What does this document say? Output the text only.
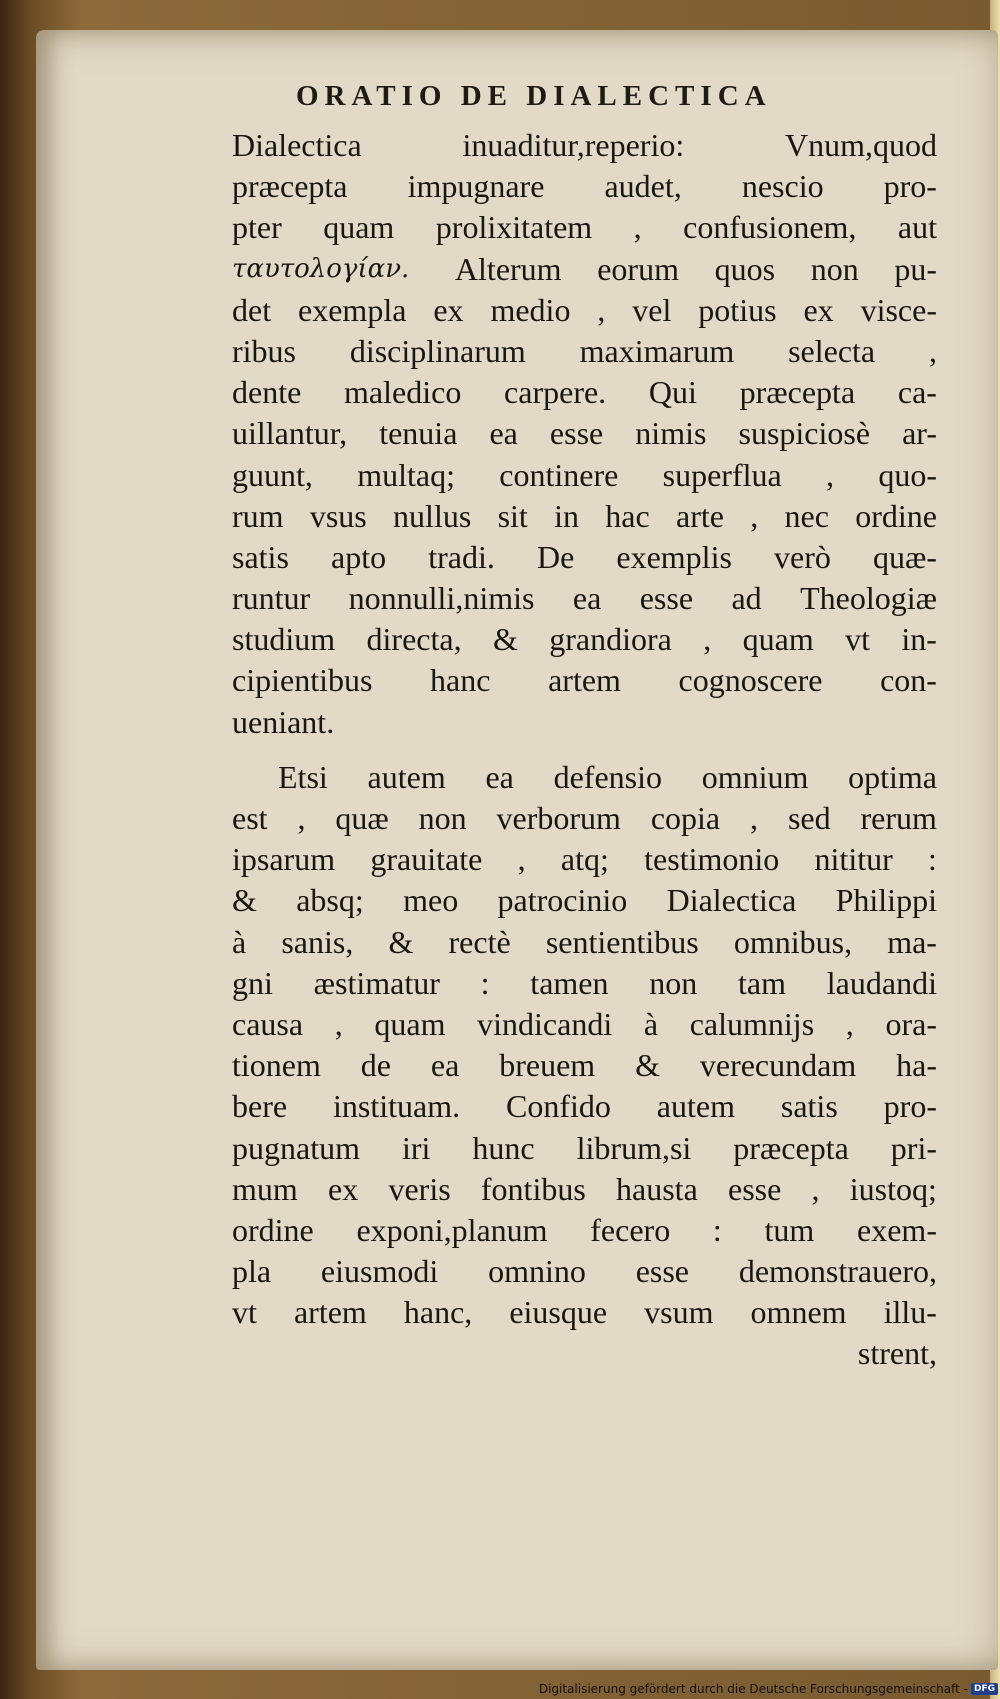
ORATIO DE DIALECTICA
Dialectica	inuaditur,reperio:	Vnum,quod
præcepta impugnare audet, nescio pro-
pter quam prolixitatem , confusionem, aut
ταυτολογίαν. Alterum eorum quos non pu-
det exempla ex medio , vel potius ex visce-
ribus disciplinarum maximarum selecta ,
dente maledico carpere. Qui præcepta ca-
uillantur, tenuia ea esse nimis suspiciosè ar-
guunt, multaq; continere superflua , quo-
rum vsus nullus sit in hac arte , nec ordine
satis apto tradi. De exemplis verò quæ-
runtur nonnulli,nimis ea esse ad Theologiæ
studium directa, & grandiora , quam vt in-
cipientibus hanc artem cognoscere con-
ueniant.
Etsi autem ea defensio omnium optima
est , quæ non verborum copia , sed rerum
ipsarum grauitate , atq; testimonio nititur :
& absq; meo patrocinio Dialectica Philippi
à sanis, & rectè sentientibus omnibus, ma-
gni æstimatur : tamen non tam laudandi
causa , quam vindicandi à calumnijs , ora-
tionem de ea breuem & verecundam ha-
bere instituam. Confido autem satis pro-
pugnatum iri hunc librum,si præcepta pri-
mum ex veris fontibus hausta esse , iustoq;
ordine exponi,planum fecero : tum exem-
pla eiusmodi omnino esse demonstrauero,
vt artem hanc, eiusque vsum omnem illu-
strent,
Digitalisierung gefördert durch die Deutsche Forschungsgemeinschaft - DFG
